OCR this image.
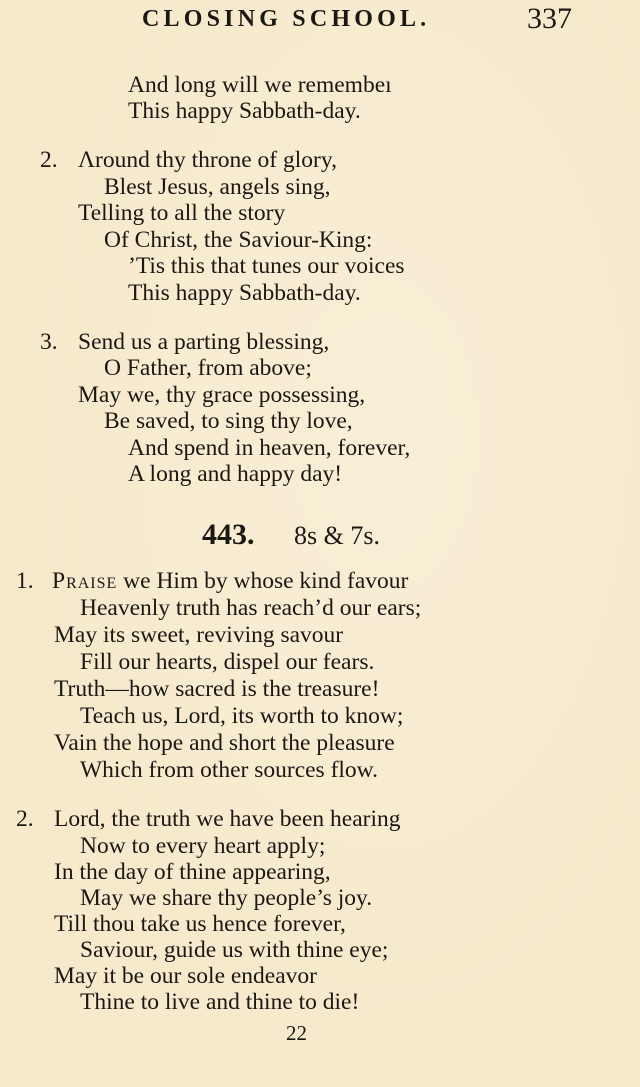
CLOSING SCHOOL.	337
And long will we remembeı
This happy Sabbath-day.
2. Ʌround thy throne of glory,
Blest Jesus, angels sing,
Telling to all the story
Of Christ, the Saviour-King:
’Tis this that tunes our voices
This happy Sabbath-day.
3. Send us a parting blessing,
O Father, from above;
May we, thy grace possessing,
Be saved, to sing thy love,
And spend in heaven, forever,
A long and happy day!
443. 8s & 7s.
1. Praise we Him by whose kind favour
Heavenly truth has reach’d our ears;
May its sweet, reviving savour
Fill our hearts, dispel our fears.
Truth—how sacred is the treasure!
Teach us, Lord, its worth to know;
Vain the hope and short the pleasure
Which from other sources flow.
2. Lord, the truth we have been hearing
Now to every heart apply;
In the day of thine appearing,
May we share thy people’s joy.
Till thou take us hence forever,
Saviour, guide us with thine eye;
May it be our sole endeavor
Thine to live and thine to die!
22
